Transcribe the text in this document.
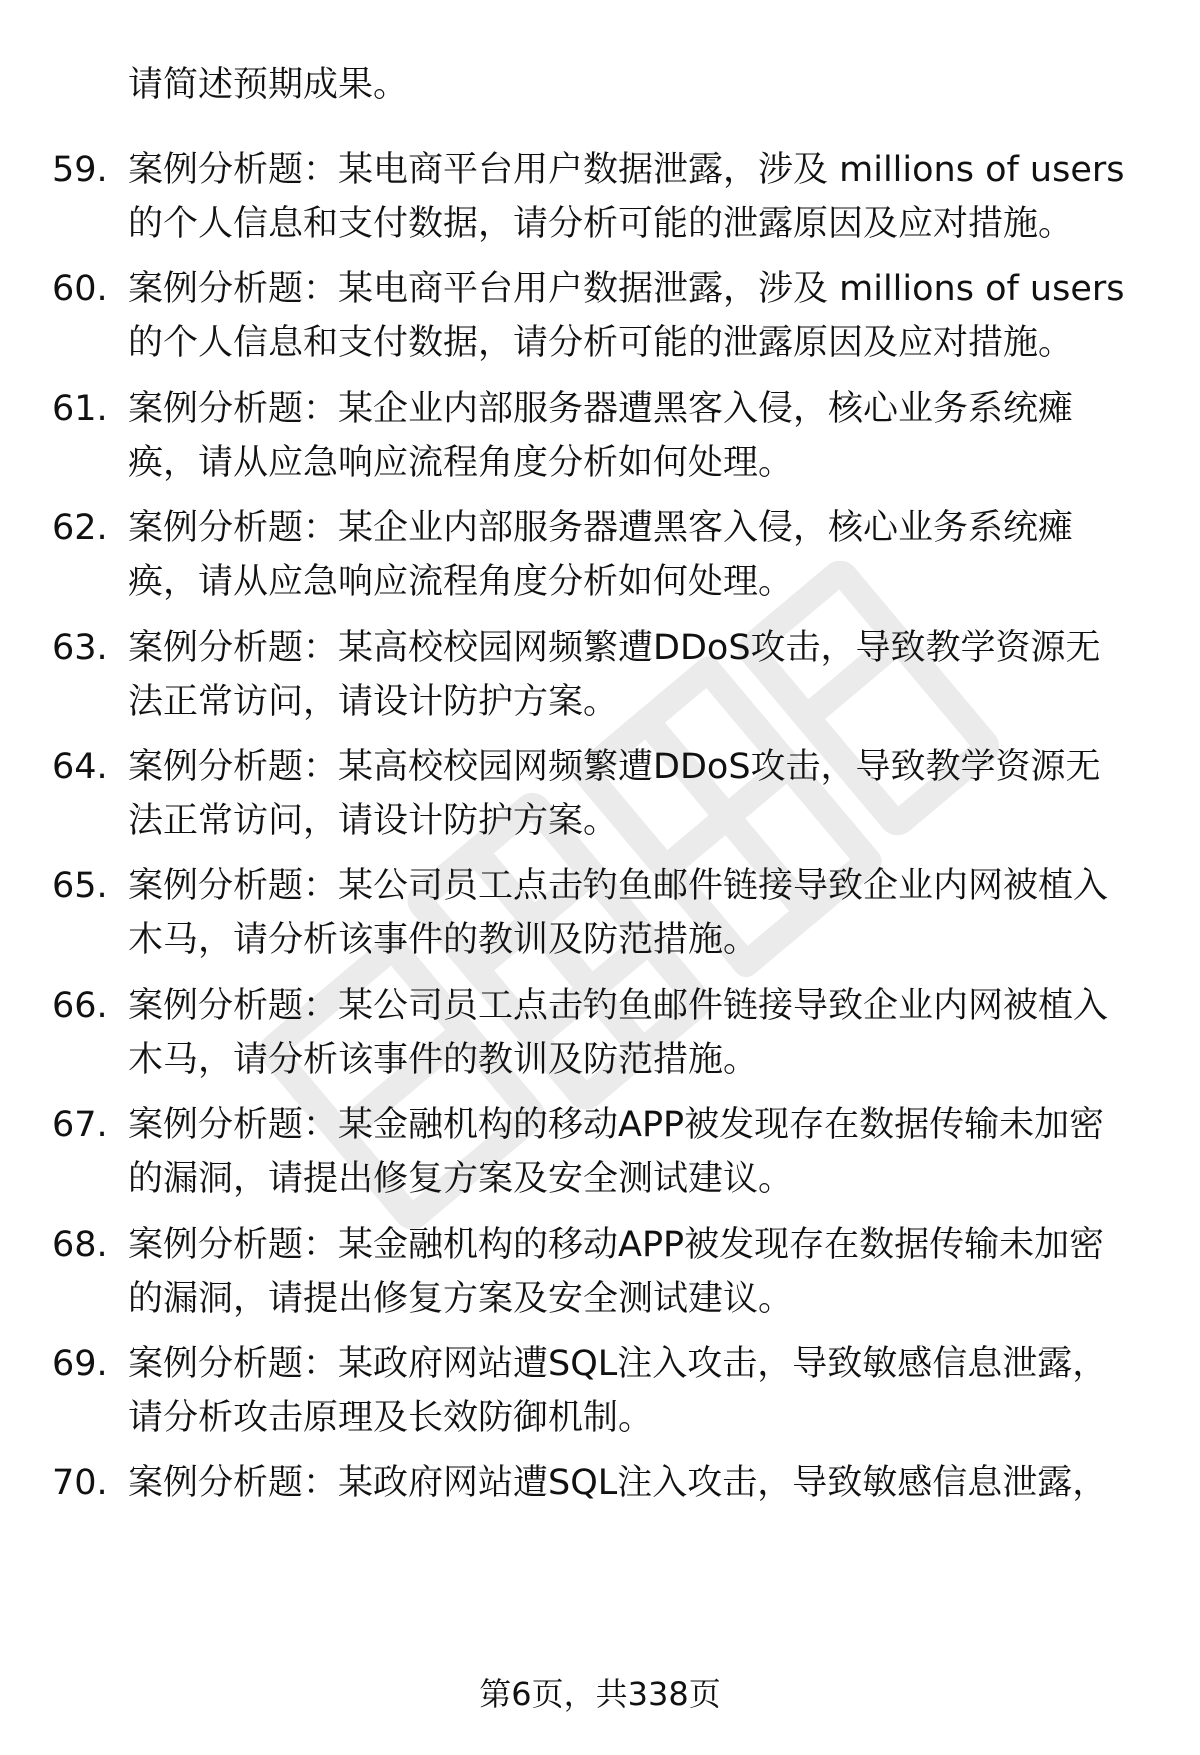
请简述预期成果。

59. 案例分析题：某电商平台用户数据泄露，涉及 millions of users
的个人信息和支付数据，请分析可能的泄露原因及应对措施。
60. 案例分析题：某电商平台用户数据泄露，涉及 millions of users
的个人信息和支付数据，请分析可能的泄露原因及应对措施。
61. 案例分析题：某企业内部服务器遭黑客入侵，核心业务系统瘫
痪，请从应急响应流程角度分析如何处理。
62. 案例分析题：某企业内部服务器遭黑客入侵，核心业务系统瘫
痪，请从应急响应流程角度分析如何处理。
63. 案例分析题：某高校校园网频繁遭DDoS攻击，导致教学资源无
法正常访问，请设计防护方案。
64. 案例分析题：某高校校园网频繁遭DDoS攻击，导致教学资源无
法正常访问，请设计防护方案。
65. 案例分析题：某公司员工点击钓鱼邮件链接导致企业内网被植入
木马，请分析该事件的教训及防范措施。
66. 案例分析题：某公司员工点击钓鱼邮件链接导致企业内网被植入
木马，请分析该事件的教训及防范措施。
67. 案例分析题：某金融机构的移动APP被发现存在数据传输未加密
的漏洞，请提出修复方案及安全测试建议。
68. 案例分析题：某金融机构的移动APP被发现存在数据传输未加密
的漏洞，请提出修复方案及安全测试建议。
69. 案例分析题：某政府网站遭SQL注入攻击，导致敏感信息泄露，
请分析攻击原理及长效防御机制。
70. 案例分析题：某政府网站遭SQL注入攻击，导致敏感信息泄露，
第6页，共338页
